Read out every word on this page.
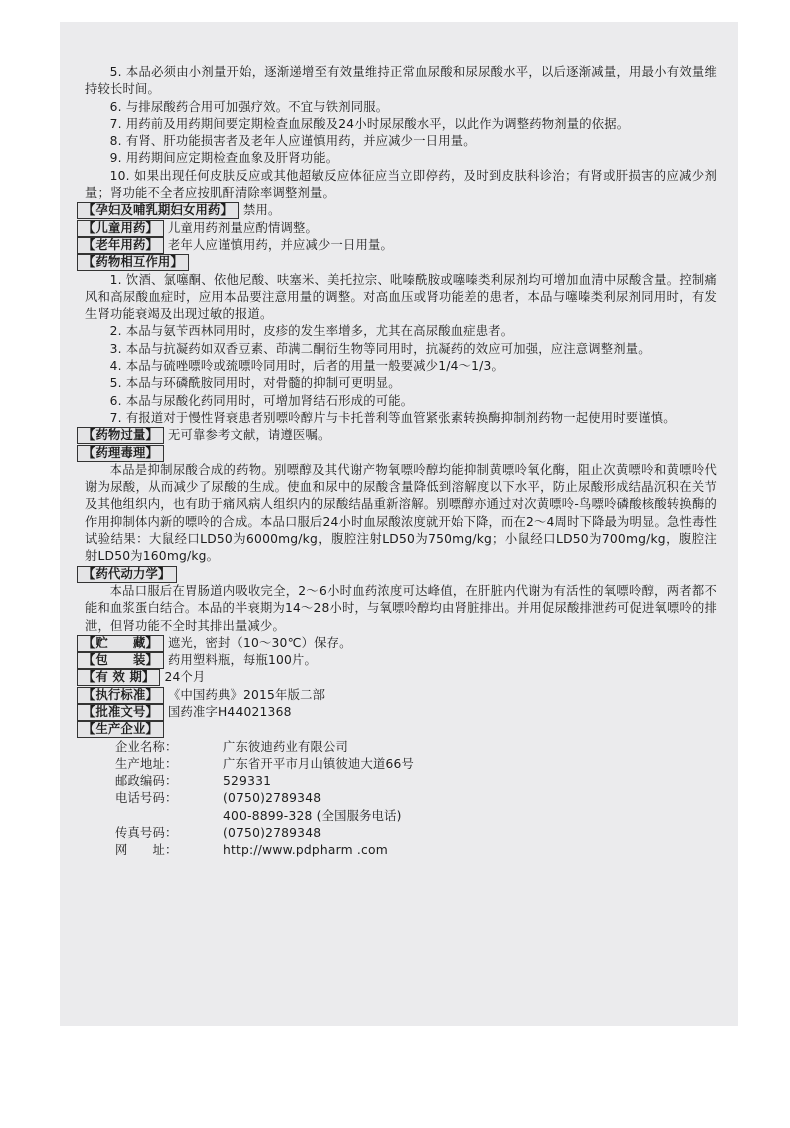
5. 本品必须由小剂量开始，逐渐递增至有效量维持正常血尿酸和尿尿酸水平，以后逐渐减量，用最小有效量维持较长时间。

6. 与排尿酸药合用可加强疗效。不宜与铁剂同服。

7. 用药前及用药期间要定期检查血尿酸及24小时尿尿酸水平，以此作为调整药物剂量的依据。

8. 有肾、肝功能损害者及老年人应谨慎用药，并应减少一日用量。

9. 用药期间应定期检查血象及肝肾功能。

10. 如果出现任何皮肤反应或其他超敏反应体征应当立即停药，及时到皮肤科诊治；有肾或肝损害的应减少剂量；肾功能不全者应按肌酐清除率调整剂量。

【 孕妇及哺乳期妇女用药 】 禁用。

【 儿童用药 】 儿童用药剂量应酌情调整。

【 老年用药 】 老年人应谨慎用药，并应减少一日用量。

【 药物相互作用 】

1. 饮酒、氯噻酮、依他尼酸、呋塞米、美托拉宗、吡嗪酰胺或噻嗪类利尿剂均可增加血清中尿酸含量。控制痛风和高尿酸血症时，应用本品要注意用量的调整。对高血压或肾功能差的患者，本品与噻嗪类利尿剂同用时，有发生肾功能衰竭及出现过敏的报道。

2. 本品与氨苄西林同用时，皮疹的发生率增多，尤其在高尿酸血症患者。

3. 本品与抗凝药如双香豆素、茚满二酮衍生物等同用时，抗凝药的效应可加强，应注意调整剂量。

4. 本品与硫唑嘌呤或巯嘌呤同用时，后者的用量一般要减少1/4～1/3。

5. 本品与环磷酰胺同用时，对骨髓的抑制可更明显。

6. 本品与尿酸化药同用时，可增加肾结石形成的可能。

7. 有报道对于慢性肾衰患者别嘌呤醇片与卡托普利等血管紧张素转换酶抑制剂药物一起使用时要谨慎。

【 药物过量 】 无可靠参考文献，请遵医嘱。

【 药理毒理 】

本品是抑制尿酸合成的药物。别嘌醇及其代谢产物氧嘌呤醇均能抑制黄嘌呤氧化酶，阻止次黄嘌呤和黄嘌呤代谢为尿酸，从而减少了尿酸的生成。使血和尿中的尿酸含量降低到溶解度以下水平，防止尿酸形成结晶沉积在关节及其他组织内，也有助于痛风病人组织内的尿酸结晶重新溶解。别嘌醇亦通过对次黄嘌呤-鸟嘌呤磷酸核酸转换酶的作用抑制体内新的嘌呤的合成。本品口服后24小时血尿酸浓度就开始下降，而在2～4周时下降最为明显。急性毒性试验结果：大鼠经口LD50为6000mg/kg，腹腔注射LD50为750mg/kg；小鼠经口LD50为700mg/kg，腹腔注射LD50为160mg/kg。

【 药代动力学 】

本品口服后在胃肠道内吸收完全，2～6小时血药浓度可达峰值，在肝脏内代谢为有活性的氧嘌呤醇，两者都不能和血浆蛋白结合。本品的半衰期为14～28小时，与氧嘌呤醇均由肾脏排出。并用促尿酸排泄药可促进氧嘌呤的排泄，但肾功能不全时其排出量减少。

【 贮　　藏 】 遮光，密封（10～30℃）保存。

【 包　　装 】 药用塑料瓶，每瓶100片。

【 有 效 期 】 24个月

【 执行标准 】 《中国药典》2015年版二部

【 批准文号 】 国药准字H44021368

【 生产企业 】

企业名称：	广东彼迪药业有限公司
生产地址：	广东省开平市月山镇彼迪大道66号
邮政编码：	529331
电话号码：	(0750)2789348
400-8899-328 (全国服务电话)
传真号码：	(0750)2789348
网　　址：	http://www.pdpharm .com
